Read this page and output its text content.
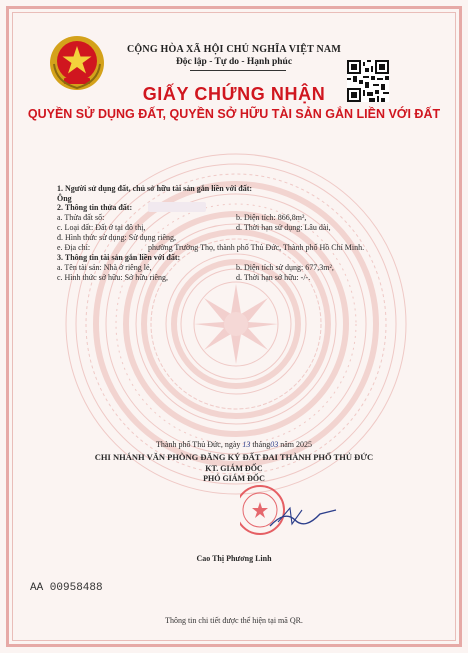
CỘNG HÒA XÃ HỘI CHỦ NGHĨA VIỆT NAM
Độc lập - Tự do - Hạnh phúc
GIẤY CHỨNG NHẬN
QUYỀN SỬ DỤNG ĐẤT, QUYỀN SỞ HỮU TÀI SẢN GẮN LIỀN VỚI ĐẤT
1. Người sử dụng đất, chủ sở hữu tài sản gắn liền với đất:
Ông
2. Thông tin thửa đất:
a. Thửa đất số:	b. Diện tích: 866,8m²,
c. Loại đất: Đất ở tại đô thị,	d. Thời hạn sử dụng: Lâu dài,
đ. Hình thức sử dụng: Sử dụng riêng,
e. Địa chỉ:	phường Trường Thọ, thành phố Thủ Đức, Thành phố Hồ Chí Minh.
3. Thông tin tài sản gắn liền với đất:
a. Tên tài sản: Nhà ở riêng lẻ,	b. Diện tích sử dụng: 677,3m²,
c. Hình thức sở hữu: Sở hữu riêng,	d. Thời hạn sở hữu: -/-.
Thành phố Thủ Đức, ngày 13 tháng03 năm 2025
CHI NHÁNH VĂN PHÒNG ĐĂNG KÝ ĐẤT ĐAI THÀNH PHỐ THỦ ĐỨC
KT. GIÁM ĐỐC
PHÓ GIÁM ĐỐC
Cao Thị Phương Linh
AA 00958488
Thông tin chi tiết được thể hiện tại mã QR.
